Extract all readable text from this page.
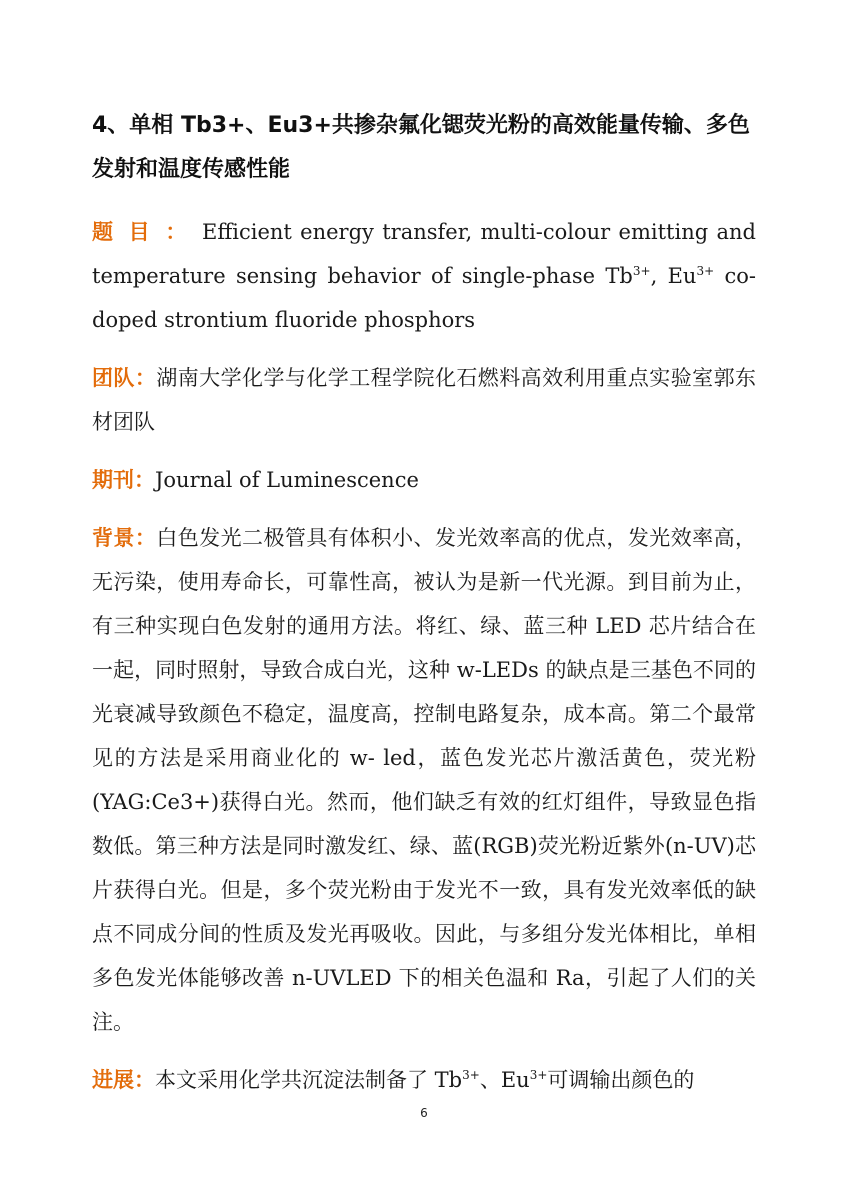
4、单相 Tb3+、Eu3+共掺杂氟化锶荧光粉的高效能量传输、多色发射和温度传感性能

题目：Efficient energy transfer, multi-colour emitting and temperature sensing behavior of single-phase $Tb^{3+}$, $Eu^{3+}$ co-doped strontium fluoride phosphors

团队：湖南大学化学与化学工程学院化石燃料高效利用重点实验室郭东材团队

期刊：Journal of Luminescence

背景：白色发光二极管具有体积小、发光效率高的优点，发光效率高，无污染，使用寿命长，可靠性高，被认为是新一代光源。到目前为止，有三种实现白色发射的通用方法。将红、绿、蓝三种 LED 芯片结合在一起，同时照射，导致合成白光，这种 w-LEDs 的缺点是三基色不同的光衰减导致颜色不稳定，温度高，控制电路复杂，成本高。第二个最常见的方法是采用商业化的 w- led，蓝色发光芯片激活黄色，荧光粉(YAG:Ce3+)获得白光。然而，他们缺乏有效的红灯组件，导致显色指数低。第三种方法是同时激发红、绿、蓝(RGB)荧光粉近紫外(n-UV)芯片获得白光。但是，多个荧光粉由于发光不一致，具有发光效率低的缺点不同成分间的性质及发光再吸收。因此，与多组分发光体相比，单相多色发光体能够改善 n-UVLED 下的相关色温和 Ra，引起了人们的关注。

进展：本文采用化学共沉淀法制备了 $Tb^{3+}$、$Eu^{3+}$可调输出颜色的

6
